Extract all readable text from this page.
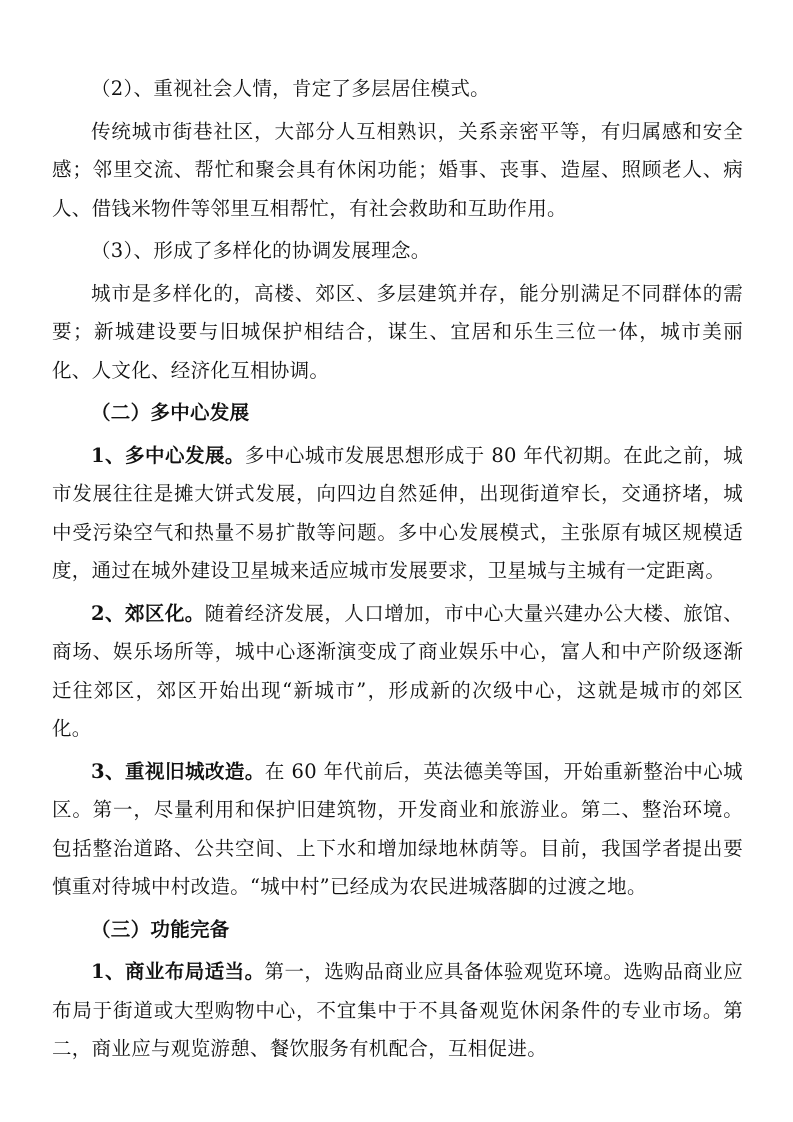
（2）、重视社会人情，肯定了多层居住模式。

传统城市街巷社区，大部分人互相熟识，关系亲密平等，有归属感和安全感；邻里交流、帮忙和聚会具有休闲功能；婚事、丧事、造屋、照顾老人、病人、借钱米物件等邻里互相帮忙，有社会救助和互助作用。

（3）、形成了多样化的协调发展理念。

城市是多样化的，高楼、郊区、多层建筑并存，能分别满足不同群体的需要；新城建设要与旧城保护相结合，谋生、宜居和乐生三位一体，城市美丽化、人文化、经济化互相协调。

（二）多中心发展

1、多中心发展。多中心城市发展思想形成于 80 年代初期。在此之前，城市发展往往是摊大饼式发展，向四边自然延伸，出现街道窄长，交通挤堵，城中受污染空气和热量不易扩散等问题。多中心发展模式，主张原有城区规模适度，通过在城外建设卫星城来适应城市发展要求，卫星城与主城有一定距离。

2、郊区化。随着经济发展，人口增加，市中心大量兴建办公大楼、旅馆、商场、娱乐场所等，城中心逐渐演变成了商业娱乐中心，富人和中产阶级逐渐迁往郊区，郊区开始出现“新城市”，形成新的次级中心，这就是城市的郊区化。

3、重视旧城改造。在 60 年代前后，英法德美等国，开始重新整治中心城区。第一，尽量利用和保护旧建筑物，开发商业和旅游业。第二、整治环境。包括整治道路、公共空间、上下水和增加绿地林荫等。目前，我国学者提出要慎重对待城中村改造。“城中村”已经成为农民进城落脚的过渡之地。

（三）功能完备

1、商业布局适当。第一，选购品商业应具备体验观览环境。选购品商业应布局于街道或大型购物中心，不宜集中于不具备观览休闲条件的专业市场。第二，商业应与观览游憩、餐饮服务有机配合，互相促进。
